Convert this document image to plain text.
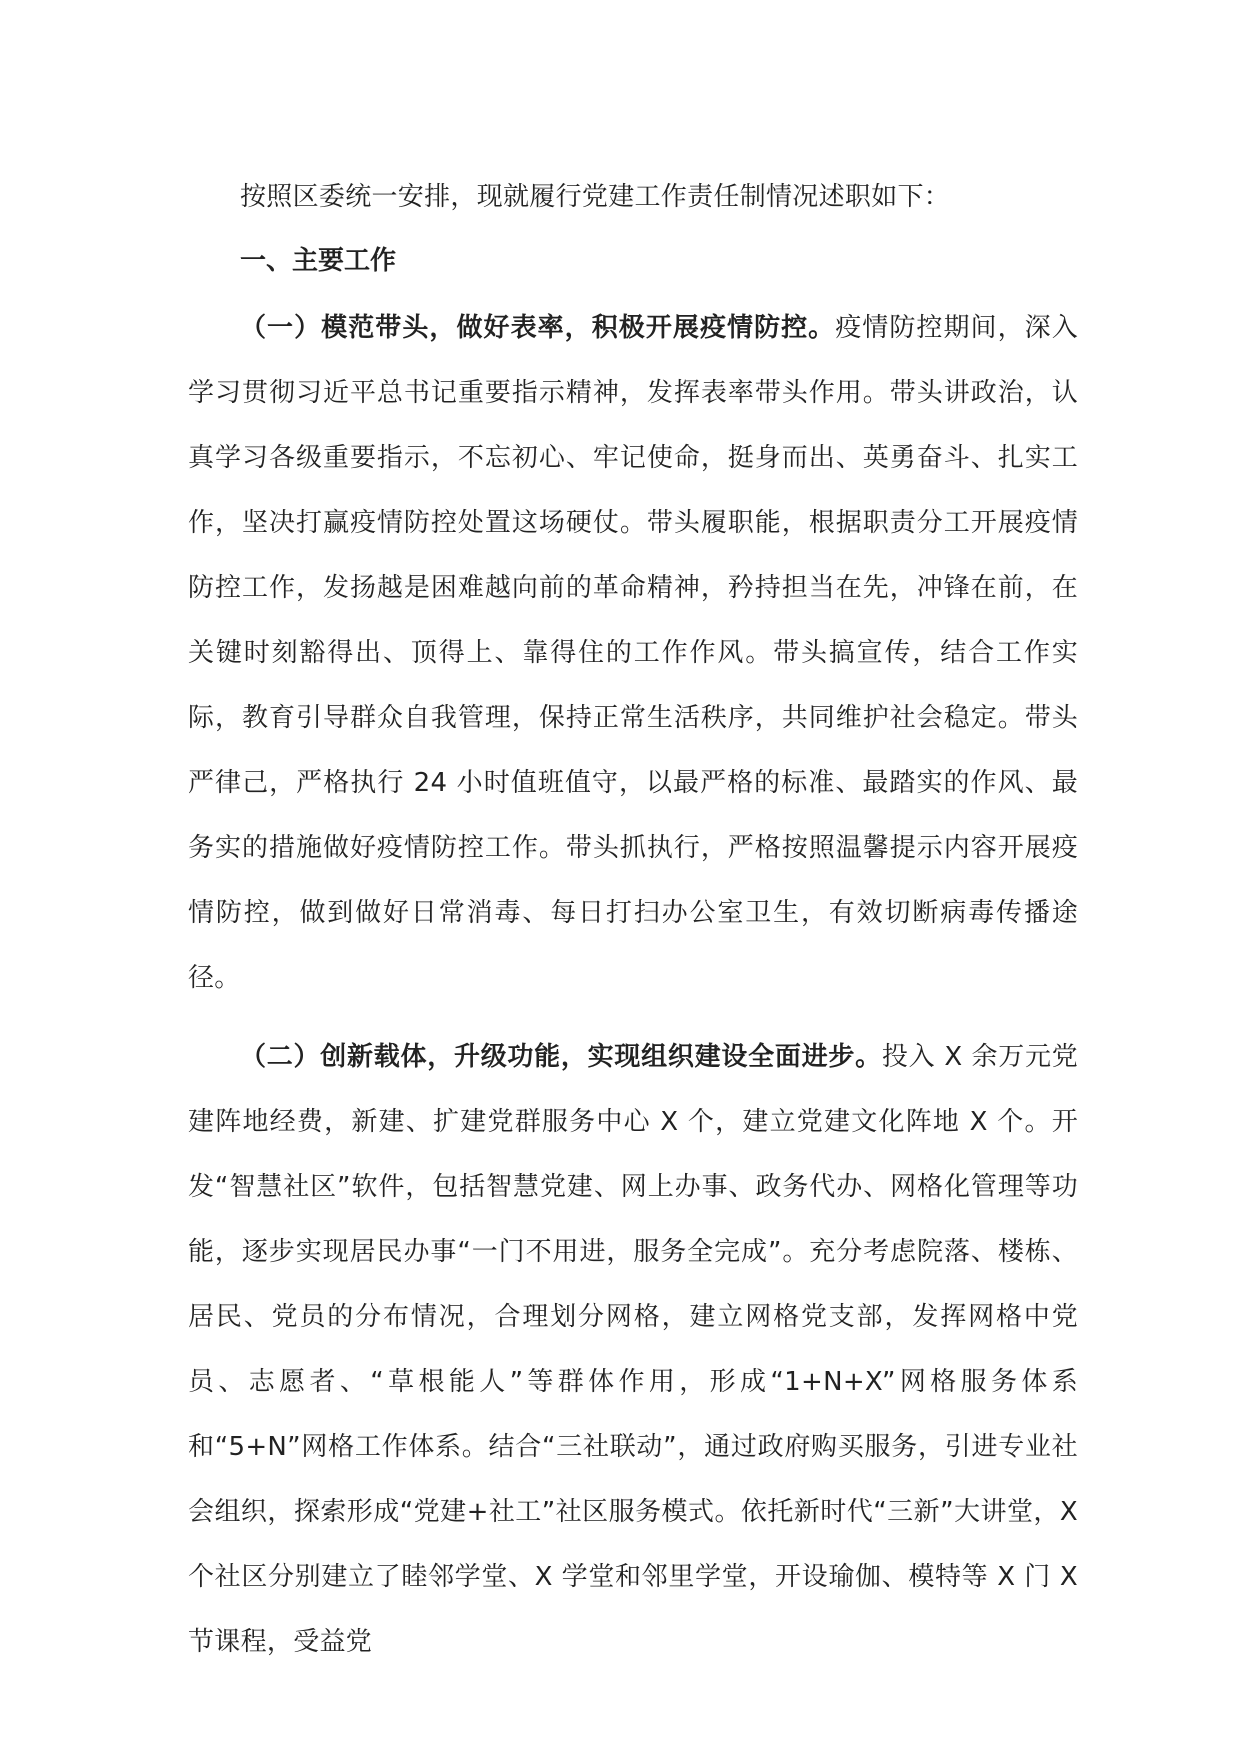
按照区委统一安排，现就履行党建工作责任制情况述职如下：

一、主要工作

（一）模范带头，做好表率，积极开展疫情防控。疫情防控期间，深入学习贯彻习近平总书记重要指示精神，发挥表率带头作用。带头讲政治，认真学习各级重要指示，不忘初心、牢记使命，挺身而出、英勇奋斗、扎实工作，坚决打赢疫情防控处置这场硬仗。带头履职能，根据职责分工开展疫情防控工作，发扬越是困难越向前的革命精神，矜持担当在先，冲锋在前，在关键时刻豁得出、顶得上、靠得住的工作作风。带头搞宣传，结合工作实际，教育引导群众自我管理，保持正常生活秩序，共同维护社会稳定。带头严律己，严格执行 24 小时值班值守，以最严格的标准、最踏实的作风、最务实的措施做好疫情防控工作。带头抓执行，严格按照温馨提示内容开展疫情防控，做到做好日常消毒、每日打扫办公室卫生，有效切断病毒传播途径。

（二）创新载体，升级功能，实现组织建设全面进步。投入 X 余万元党建阵地经费，新建、扩建党群服务中心 X 个，建立党建文化阵地 X 个。开发“智慧社区”软件，包括智慧党建、网上办事、政务代办、网格化管理等功能，逐步实现居民办事“一门不用进，服务全完成”。充分考虑院落、楼栋、居民、党员的分布情况，合理划分网格，建立网格党支部，发挥网格中党员、志愿者、“草根能人”等群体作用，形成“1+N+X”网格服务体系和“5+N”网格工作体系。结合“三社联动”，通过政府购买服务，引进专业社会组织，探索形成“党建+社工”社区服务模式。依托新时代“三新”大讲堂，X 个社区分别建立了睦邻学堂、X 学堂和邻里学堂，开设瑜伽、模特等 X 门 X 节课程，受益党
